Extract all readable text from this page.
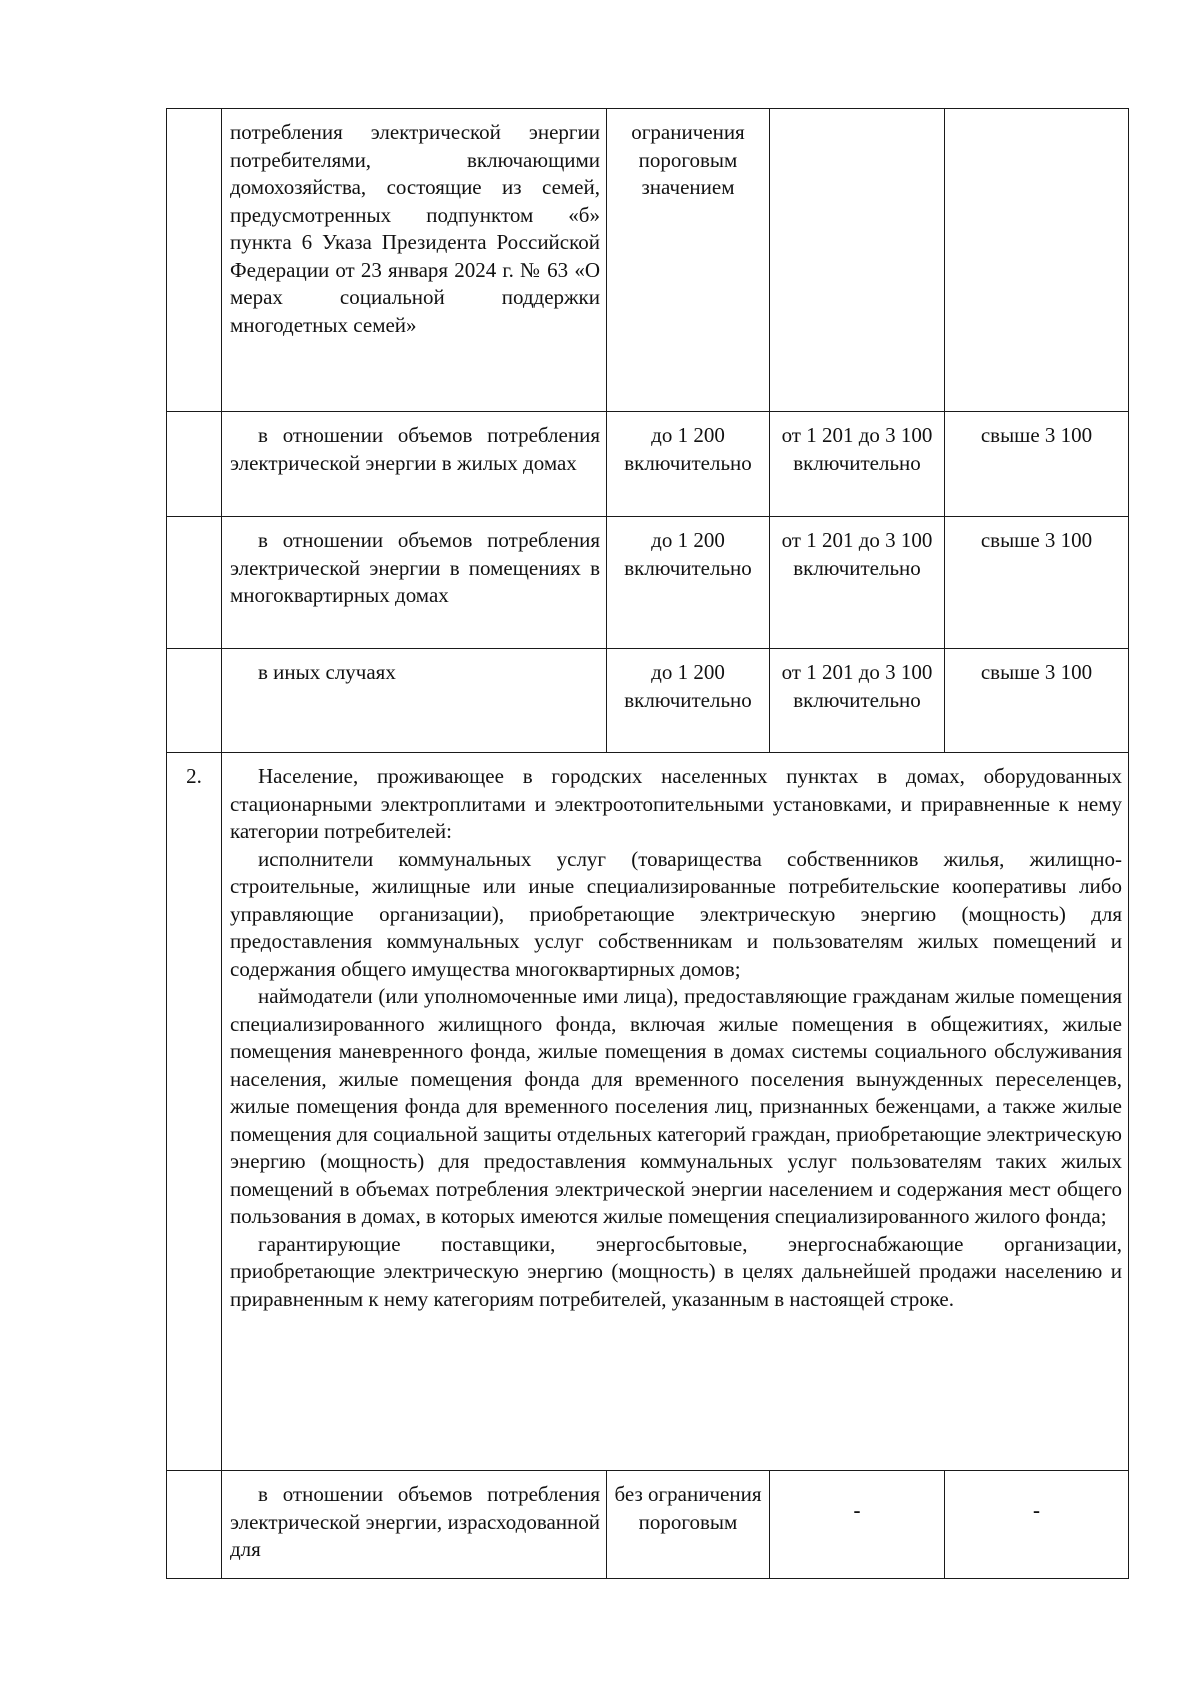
	потребления электрической энергии потребителями, включающими домохозяйства, состоящие из семей, предусмотренных подпунктом «б» пункта 6 Указа Президента Российской Федерации от 23 января 2024 г. № 63 «О мерах социальной поддержки многодетных семей»	ограничения пороговым значением		
	в отношении объемов потребления электрической энергии в жилых домах	до 1 200 включительно	от 1 201 до 3 100 включительно	свыше 3 100
	в отношении объемов потребления электрической энергии в помещениях в многоквартирных домах	до 1 200 включительно	от 1 201 до 3 100 включительно	свыше 3 100
	в иных случаях	до 1 200 включительно	от 1 201 до 3 100 включительно	свыше 3 100
2.	Население, проживающее в городских населенных пунктах в домах, оборудованных стационарными электроплитами и электроотопительными установками, и приравненные к нему категории потребителей:

исполнители коммунальных услуг (товарищества собственников жилья, жилищно-строительные, жилищные или иные специализированные потребительские кооперативы либо управляющие организации), приобретающие электрическую энергию (мощность) для предоставления коммунальных услуг собственникам и пользователям жилых помещений и содержания общего имущества многоквартирных домов;

наймодатели (или уполномоченные ими лица), предоставляющие гражданам жилые помещения специализированного жилищного фонда, включая жилые помещения в общежитиях, жилые помещения маневренного фонда, жилые помещения в домах системы социального обслуживания населения, жилые помещения фонда для временного поселения вынужденных переселенцев, жилые помещения фонда для временного поселения лиц, признанных беженцами, а также жилые помещения для социальной защиты отдельных категорий граждан, приобретающие электрическую энергию (мощность) для предоставления коммунальных услуг пользователям таких жилых помещений в объемах потребления электрической энергии населением и содержания мест общего пользования в домах, в которых имеются жилые помещения специализированного жилого фонда;

гарантирующие поставщики, энергосбытовые, энергоснабжающие организации, приобретающие электрическую энергию (мощность) в целях дальнейшей продажи населению и приравненным к нему категориям потребителей, указанным в настоящей строке.			

	в отношении объемов потребления электрической энергии, израсходованной для	без ограничения пороговым	-	-
